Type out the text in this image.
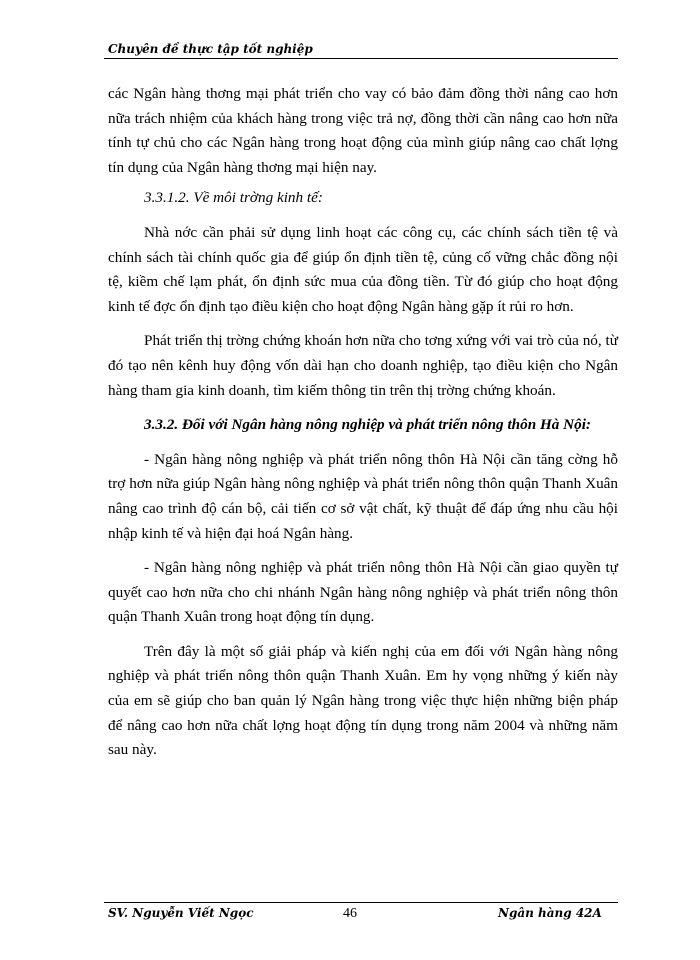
Chuyên đề thực tập tốt nghiệp

các Ngân hàng thơng mại phát triển cho vay có bảo đảm đồng thời nâng cao hơn nữa trách nhiệm của khách hàng trong việc trả nợ, đồng thời cần nâng cao hơn nữa tính tự chủ cho các Ngân hàng trong hoạt động của mình giúp nâng cao chất lợng tín dụng của Ngân hàng thơng mại hiện nay.

3.3.1.2. Về môi trờng kinh tế:

Nhà nớc cần phải sử dụng linh hoạt các công cụ, các chính sách tiền tệ và chính sách tài chính quốc gia để giúp ổn định tiền tệ, củng cố vững chắc đồng nội tệ, kiềm chế lạm phát, ổn định sức mua của đồng tiền. Từ đó giúp cho hoạt động kinh tế đợc ổn định tạo điều kiện cho hoạt động Ngân hàng gặp ít rủi ro hơn.

Phát triển thị trờng chứng khoán hơn nữa cho tơng xứng với vai trò của nó, từ đó tạo nên kênh huy động vốn dài hạn cho doanh nghiệp, tạo điều kiện cho Ngân hàng tham gia kinh doanh, tìm kiếm thông tin trên thị trờng chứng khoán.

3.3.2. Đối với Ngân hàng nông nghiệp và phát triển nông thôn Hà Nội:

- Ngân hàng nông nghiệp và phát triển nông thôn Hà Nội cần tăng cờng hỗ trợ hơn nữa giúp Ngân hàng nông nghiệp và phát triển nông thôn quận Thanh Xuân nâng cao trình độ cán bộ, cải tiến cơ sở vật chất, kỹ thuật để đáp ứng nhu cầu hội nhập kinh tế và hiện đại hoá Ngân hàng.

- Ngân hàng nông nghiệp và phát triển nông thôn Hà Nội cần giao quyền tự quyết cao hơn nữa cho chi nhánh Ngân hàng nông nghiệp và phát triển nông thôn quận Thanh Xuân trong hoạt động tín dụng.

Trên đây là một số giải pháp và kiến nghị của em đối với Ngân hàng nông nghiệp và phát triển nông thôn quận Thanh Xuân. Em hy vọng những ý kiến này của em sẽ giúp cho ban quản lý Ngân hàng trong việc thực hiện những biện pháp để nâng cao hơn nữa chất lợng hoạt động tín dụng trong năm 2004 và những năm sau này.

SV. Nguyễn Viết Ngọc	46	Ngân hàng 42A
